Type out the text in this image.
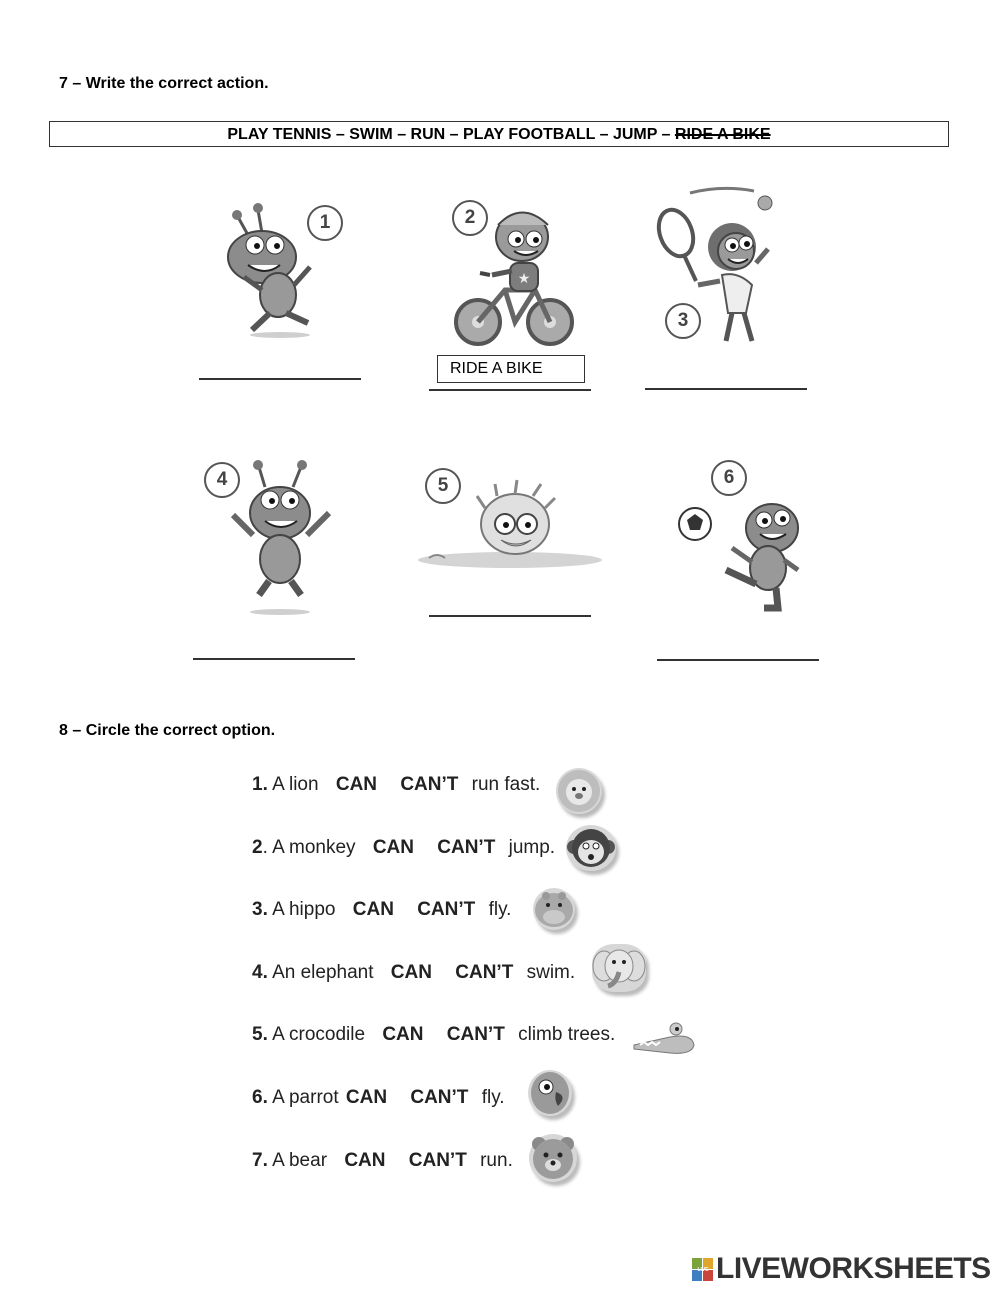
7 – Write the correct action.
PLAY TENNIS – SWIM – RUN – PLAY FOOTBALL – JUMP – RIDE A BIKE
1
★
2
RIDE A BIKE
3
4	5	6
8 – Circle the correct option.
1. A lion CAN CAN’T run fast.
2. A monkey CAN CAN’T jump.
3. A hippo CAN CAN’T fly.
4. An elephant CAN CAN’T swim.
5. A crocodile CAN CAN’T climb trees.
6. A parrot CAN CAN’T fly.
7. A bear CAN CAN’T run.
LIVE LIVEWORKSHEETS
